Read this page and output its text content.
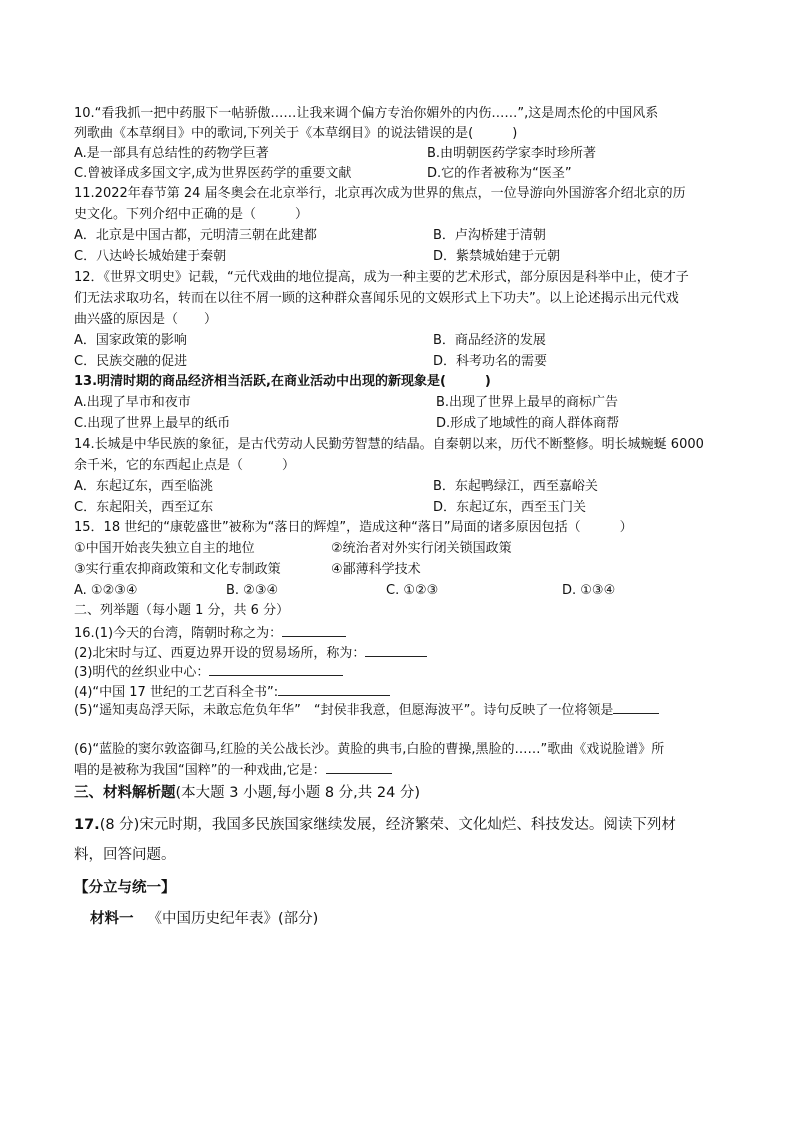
10.“看我抓一把中药服下一帖骄傲……让我来调个偏方专治你媚外的内伤……”,这是周杰伦的中国风系
列歌曲《本草纲目》中的歌词,下列关于《本草纲目》的说法错误的是(　　　)
A.是一部具有总结性的药物学巨著	B.由明朝医药学家李时珍所著
C.曾被译成多国文字,成为世界医药学的重要文献	D.它的作者被称为“医圣”
11.2022年春节第 24 届冬奥会在北京举行，北京再次成为世界的焦点，一位导游向外国游客介绍北京的历
史文化。下列介绍中正确的是（　　　）
A．北京是中国古都，元明清三朝在此建都	B．卢沟桥建于清朝
C．八达岭长城始建于秦朝	D．紫禁城始建于元朝
12．《世界文明史》记载，“元代戏曲的地位提高，成为一种主要的艺术形式，部分原因是科举中止，使才子
们无法求取功名，转而在以往不屑一顾的这种群众喜闻乐见的文娱形式上下功夫”。以上论述揭示出元代戏
曲兴盛的原因是（　　）
A．国家政策的影响	B．商品经济的发展
C．民族交融的促进	D．科考功名的需要
13.明清时期的商品经济相当活跃,在商业活动中出现的新现象是(　　　)
A.出现了早市和夜市	B.出现了世界上最早的商标广告
C.出现了世界上最早的纸币	D.形成了地域性的商人群体商帮
14.长城是中华民族的象征，是古代劳动人民勤劳智慧的结晶。自秦朝以来，历代不断整修。明长城蜿蜒 6000
余千米，它的东西起止点是（　　　）
A．东起辽东，西至临洮	B．东起鸭绿江，西至嘉峪关
C．东起阳关，西至辽东	D．东起辽东，西至玉门关
15．18 世纪的“康乾盛世”被称为“落日的辉煌”，造成这种“落日”局面的诸多原因包括（　　　）
①中国开始丧失独立自主的地位	②统治者对外实行闭关锁国政策
③实行重农抑商政策和文化专制政策	④鄙薄科学技术
A. ①②③④	B. ②③④	C. ①②③	D. ①③④
二、列举题（每小题 1 分，共 6 分）
16.(1)今天的台湾，隋朝时称之为：
(2)北宋时与辽、西夏边界开设的贸易场所，称为：
(3)明代的丝织业中心：
(4)“中国 17 世纪的工艺百科全书”:
(5)“遥知夷岛浮天际，未敢忘危负年华”　“封侯非我意，但愿海波平”。诗句反映了一位将领是
(6)“蓝脸的窦尔敦盗御马,红脸的关公战长沙。黄脸的典韦,白脸的曹操,黑脸的……”歌曲《戏说脸谱》所
唱的是被称为我国“国粹”的一种戏曲,它是：
三、材料解析题(本大题 3 小题,每小题 8 分,共 24 分)
17.(8 分)宋元时期，我国多民族国家继续发展，经济繁荣、文化灿烂、科技发达。阅读下列材
料，回答问题。
【分立与统一】
材料一 《中国历史纪年表》(部分)
